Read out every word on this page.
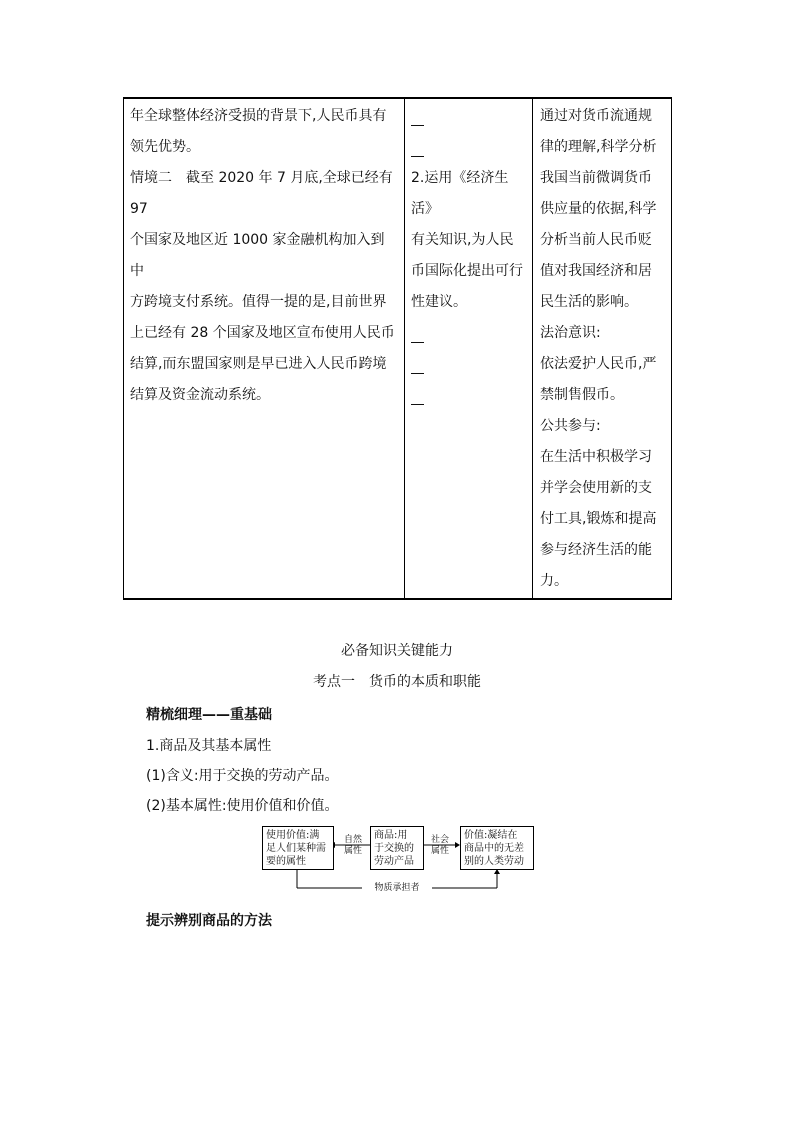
年全球整体经济受损的背景下,人民币具有
领先优势。
情境二　截至 2020 年 7 月底,全球已经有 97
个国家及地区近 1000 家金融机构加入到中
方跨境支付系统。值得一提的是,目前世界
上已经有 28 个国家及地区宣布使用人民币
结算,而东盟国家则是早已进入人民币跨境
结算及资金流动系统。
2.运用《经济生活》
有关知识,为人民
币国际化提出可行
性建议。
通过对货币流通规
律的理解,科学分析
我国当前微调货币
供应量的依据,科学
分析当前人民币贬
值对我国经济和居
民生活的影响。
法治意识:
依法爱护人民币,严
禁制售假币。
公共参与:
在生活中积极学习
并学会使用新的支
付工具,锻炼和提高
参与经济生活的能
力。
必备知识关键能力
考点一　货币的本质和职能
精梳细理——重基础
1.商品及其基本属性
(1)含义:用于交换的劳动产品。
(2)基本属性:使用价值和价值。
使用价值:满
足人们某种需
要的属性
自然
属性
商品:用
于交换的
劳动产品
社会
属性
价值:凝结在
商品中的无差
别的人类劳动
物质承担者
提示辨别商品的方法
